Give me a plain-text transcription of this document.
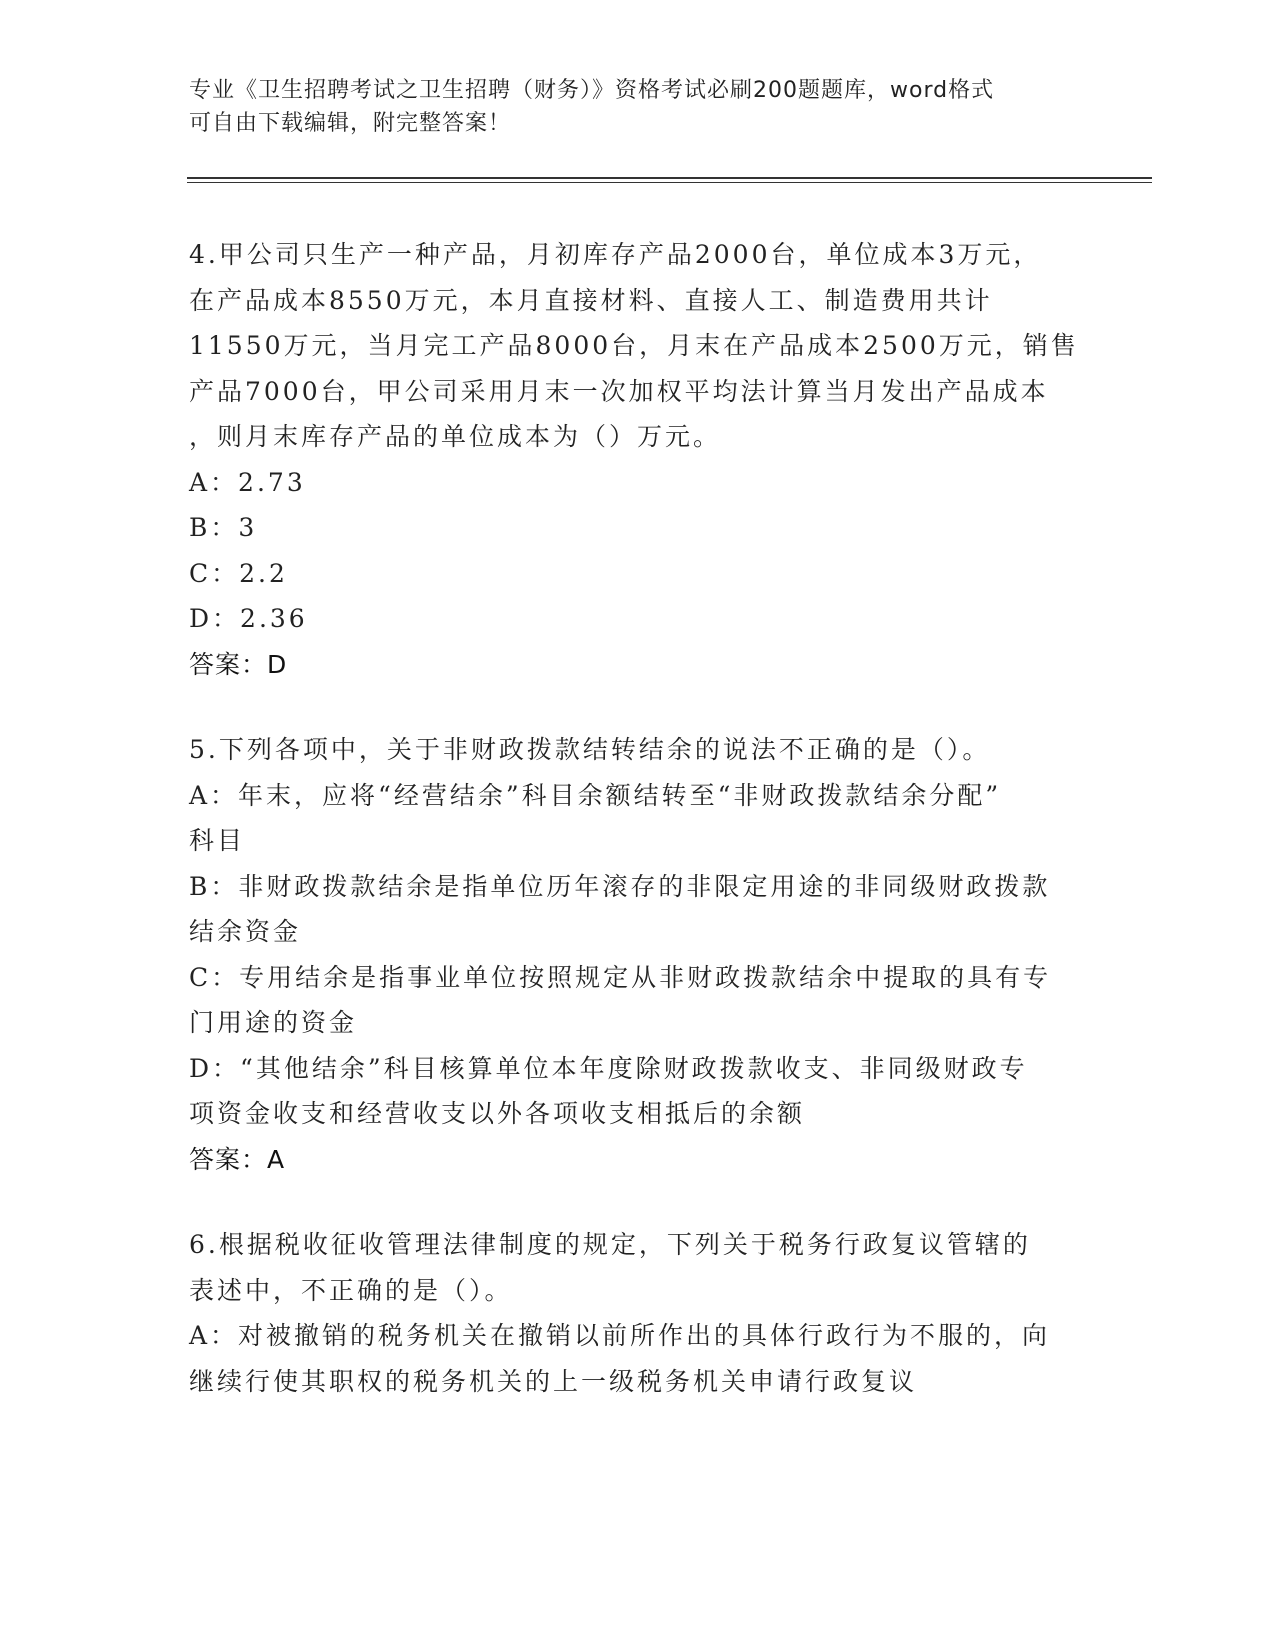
专业《卫生招聘考试之卫生招聘（财务）》资格考试必刷200题题库，word格式
可自由下载编辑，附完整答案！
4.甲公司只生产一种产品，月初库存产品2000台，单位成本3万元，
在产品成本8550万元，本月直接材料、直接人工、制造费用共计
11550万元，当月完工产品8000台，月末在产品成本2500万元，销售
产品7000台，甲公司采用月末一次加权平均法计算当月发出产品成本
，则月末库存产品的单位成本为（）万元。
A：2.73
B：3
C：2.2
D：2.36
答案：D
5.下列各项中，关于非财政拨款结转结余的说法不正确的是（）。
A：年末，应将“经营结余”科目余额结转至“非财政拨款结余分配”
科目
B：非财政拨款结余是指单位历年滚存的非限定用途的非同级财政拨款
结余资金
C：专用结余是指事业单位按照规定从非财政拨款结余中提取的具有专
门用途的资金
D：“其他结余”科目核算单位本年度除财政拨款收支、非同级财政专
项资金收支和经营收支以外各项收支相抵后的余额
答案：A
6.根据税收征收管理法律制度的规定，下列关于税务行政复议管辖的
表述中，不正确的是（）。
A：对被撤销的税务机关在撤销以前所作出的具体行政行为不服的，向
继续行使其职权的税务机关的上一级税务机关申请行政复议
